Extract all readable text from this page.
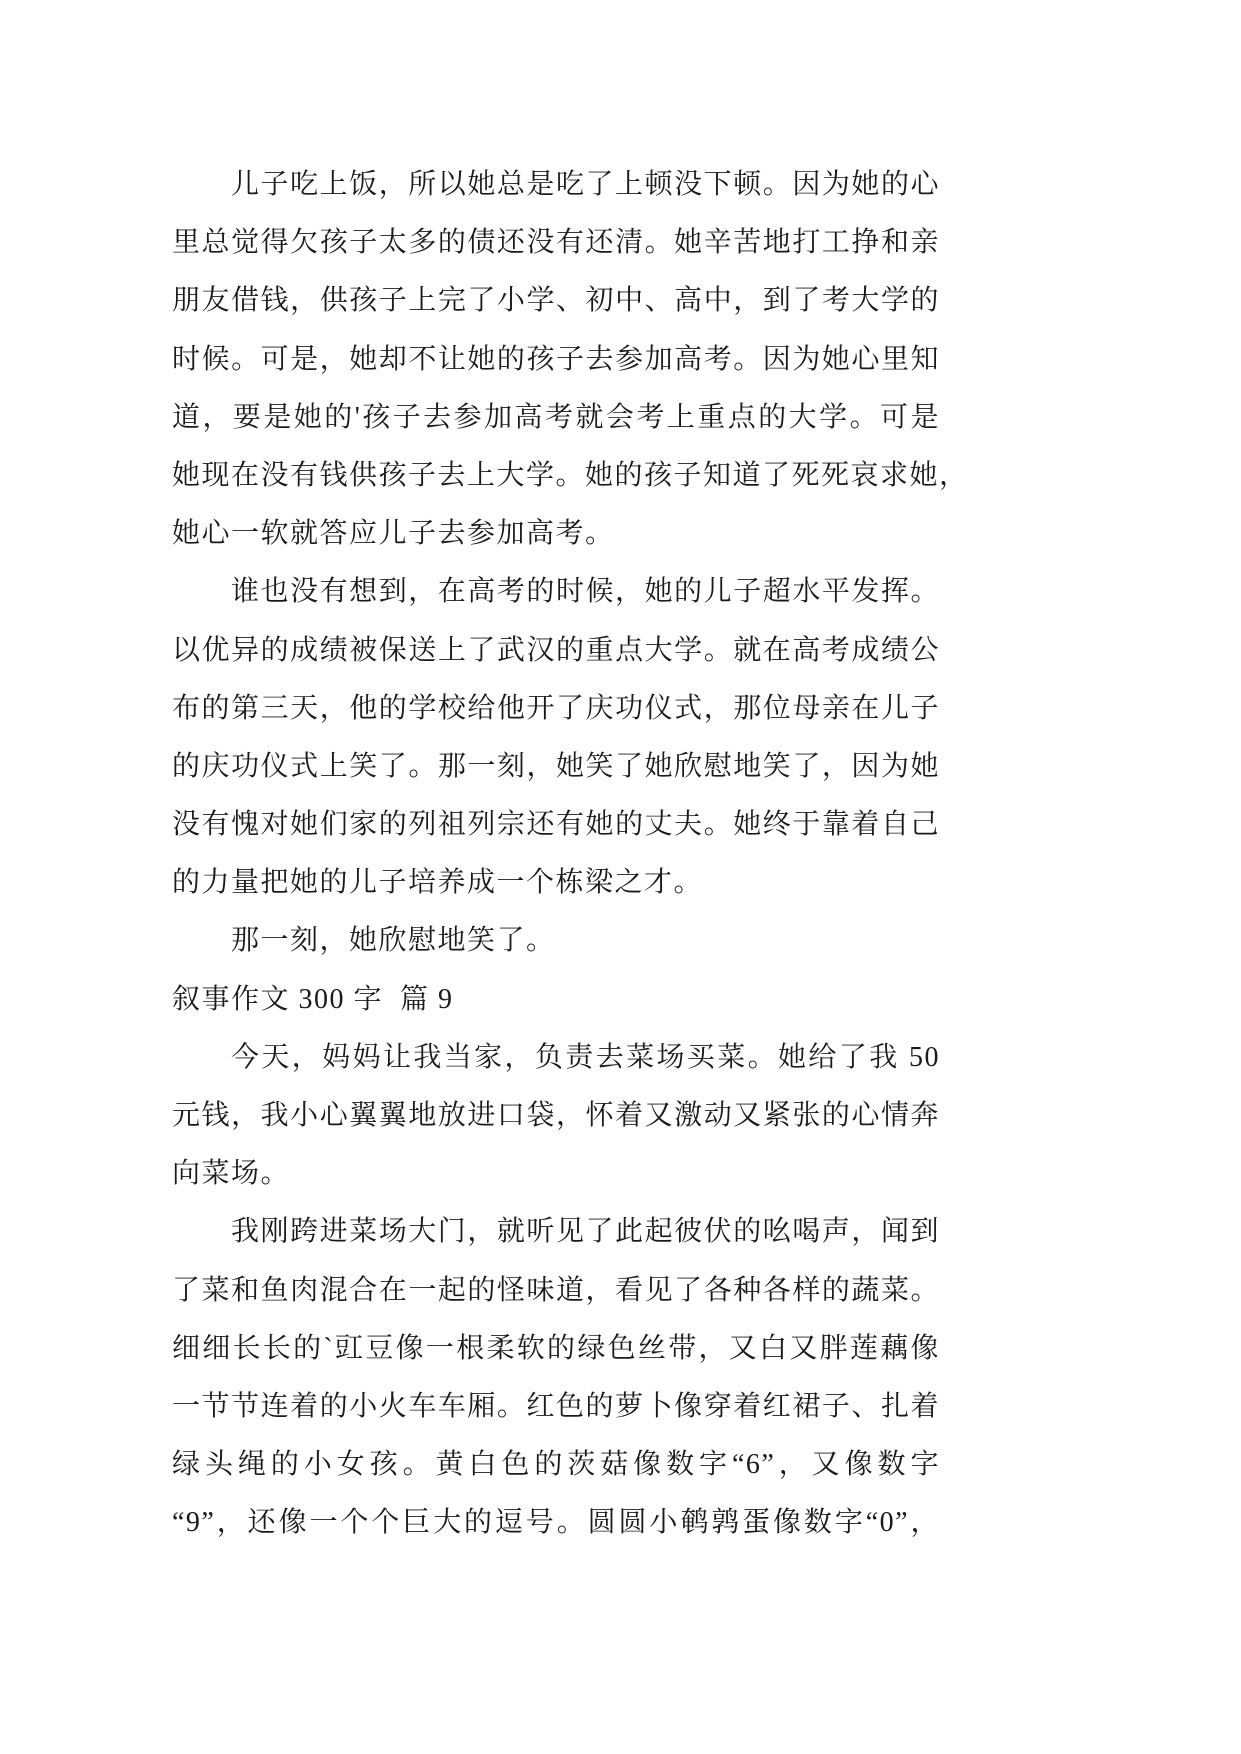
儿子吃上饭，所以她总是吃了上顿没下顿。因为她的心
里总觉得欠孩子太多的债还没有还清。她辛苦地打工挣和亲
朋友借钱，供孩子上完了小学、初中、高中，到了考大学的
时候。可是，她却不让她的孩子去参加高考。因为她心里知
道，要是她的'孩子去参加高考就会考上重点的大学。可是
她现在没有钱供孩子去上大学。她的孩子知道了死死哀求她，
她心一软就答应儿子去参加高考。
谁也没有想到，在高考的时候，她的儿子超水平发挥。
以优异的成绩被保送上了武汉的重点大学。就在高考成绩公
布的第三天，他的学校给他开了庆功仪式，那位母亲在儿子
的庆功仪式上笑了。那一刻，她笑了她欣慰地笑了，因为她
没有愧对她们家的列祖列宗还有她的丈夫。她终于靠着自己
的力量把她的儿子培养成一个栋梁之才。
那一刻，她欣慰地笑了。
叙事作文 300 字  篇 9
今天，妈妈让我当家，负责去菜场买菜。她给了我 50
元钱，我小心翼翼地放进口袋，怀着又激动又紧张的心情奔
向菜场。
我刚跨进菜场大门，就听见了此起彼伏的吆喝声，闻到
了菜和鱼肉混合在一起的怪味道，看见了各种各样的蔬菜。
细细长长的`豇豆像一根柔软的绿色丝带，又白又胖莲藕像
一节节连着的小火车车厢。红色的萝卜像穿着红裙子、扎着
绿头绳的小女孩。黄白色的茨菇像数字“6”，又像数字
“9”，还像一个个巨大的逗号。圆圆小鹌鹑蛋像数字“0”，
